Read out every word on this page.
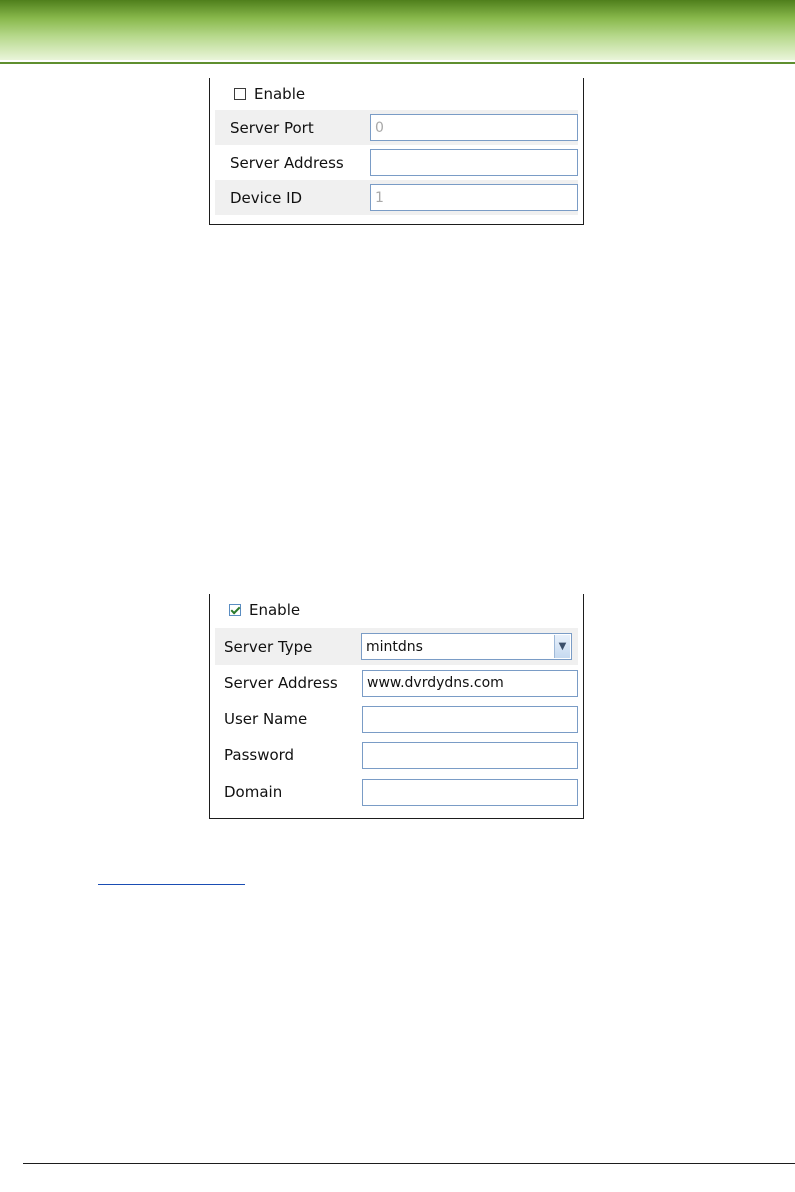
Enable
Server Port	0
Server Address
Device ID	1
Enable
Server Type	mintdns	▼
Server Address	www.dvrdydns.com
User Name
Password
Domain
